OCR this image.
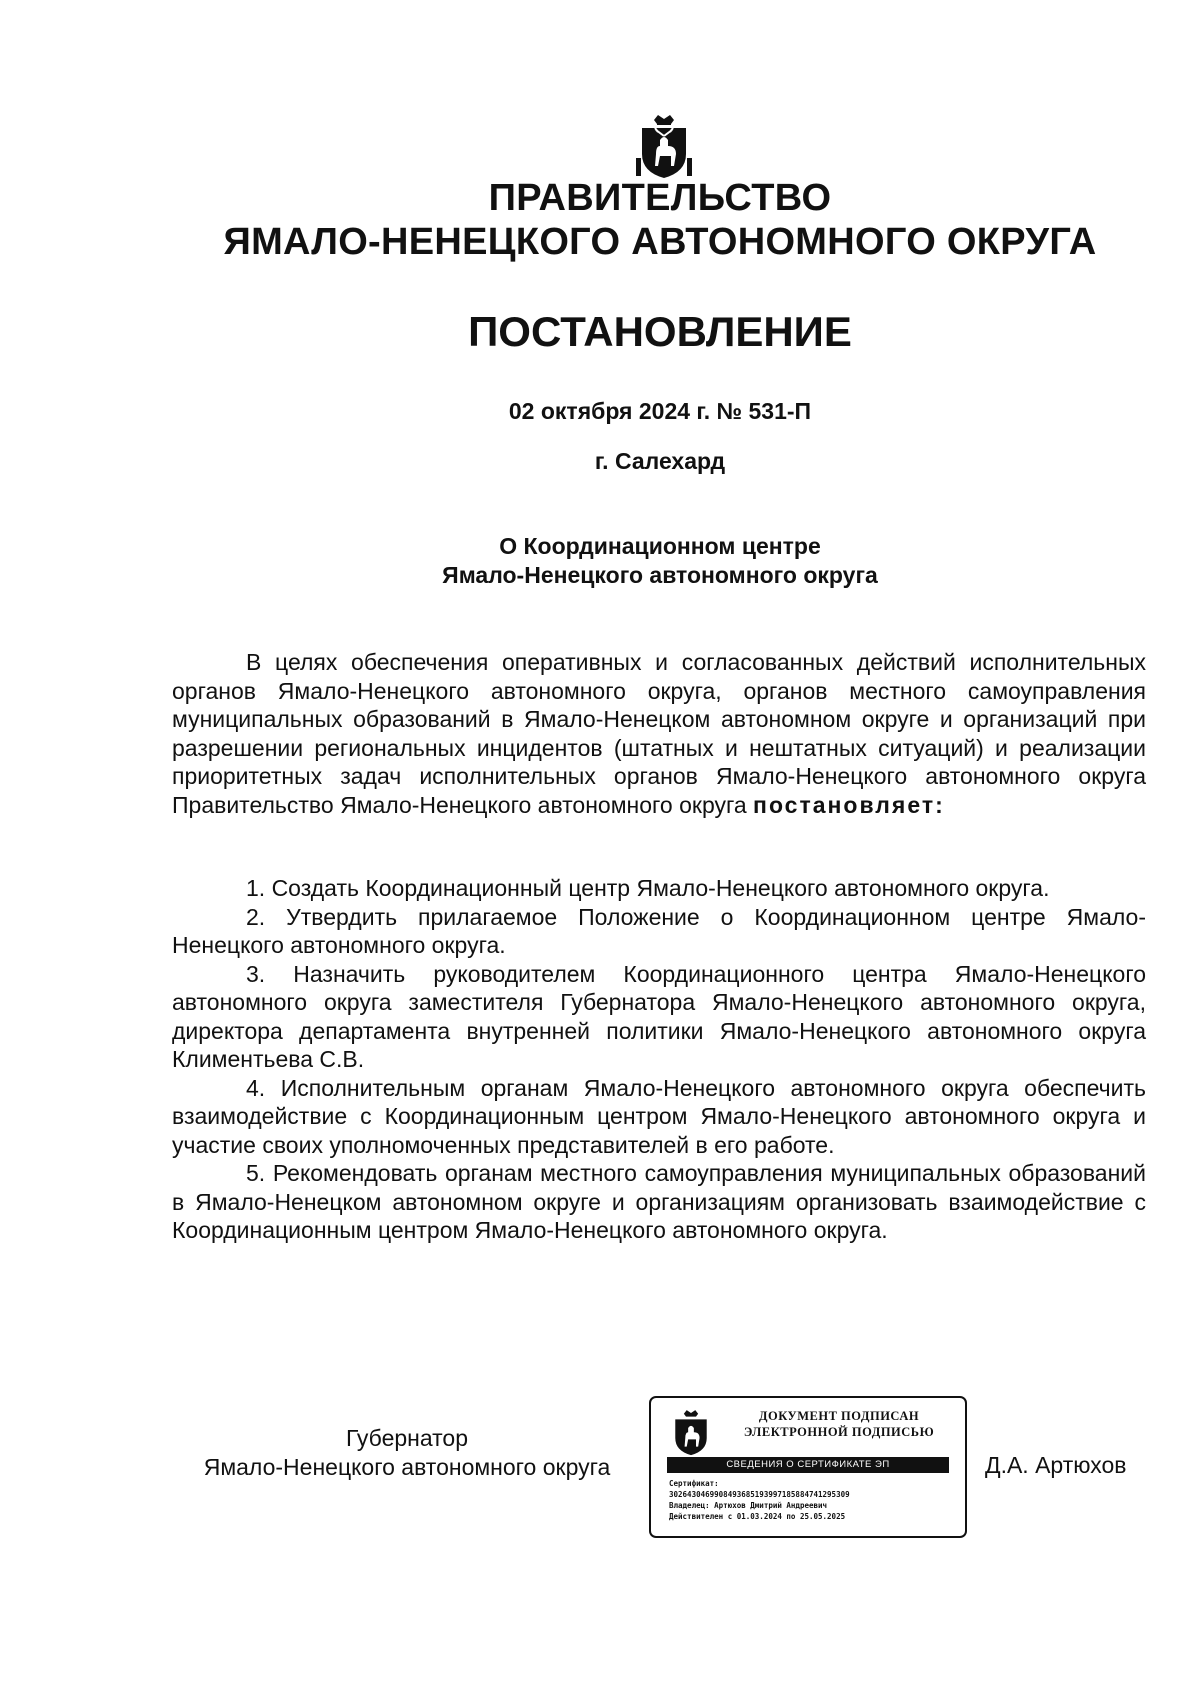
ПРАВИТЕЛЬСТВО
ЯМАЛО-НЕНЕЦКОГО АВТОНОМНОГО ОКРУГА
ПОСТАНОВЛЕНИЕ
02 октября 2024 г. № 531-П
г. Салехард
О Координационном центре
Ямало-Ненецкого автономного округа

В целях обеспечения оперативных и согласованных действий исполнительных органов Ямало-Ненецкого автономного округа, органов местного самоуправления муниципальных образований в Ямало-Ненецком автономном округе и организаций при разрешении региональных инцидентов (штатных и нештатных ситуаций) и реализации приоритетных задач исполнительных органов Ямало-Ненецкого автономного округа Правительство Ямало-Ненецкого автономного округа постановляет:

1. Создать Координационный центр Ямало-Ненецкого автономного округа.

2. Утвердить прилагаемое Положение о Координационном центре Ямало-Ненецкого автономного округа.

3. Назначить руководителем Координационного центра Ямало-Ненецкого автономного округа заместителя Губернатора Ямало-Ненецкого автономного округа, директора департамента внутренней политики Ямало-Ненецкого автономного округа Климентьева С.В.

4. Исполнительным органам Ямало-Ненецкого автономного округа обеспечить взаимодействие с Координационным центром Ямало-Ненецкого автономного округа и участие своих уполномоченных представителей в его работе.

5. Рекомендовать органам местного самоуправления муниципальных образований в Ямало-Ненецком автономном округе и организациям организовать взаимодействие с Координационным центром Ямало-Ненецкого автономного округа.

Губернатор
Ямало-Ненецкого автономного округа
ДОКУМЕНТ ПОДПИСАН
ЭЛЕКТРОННОЙ ПОДПИСЬЮ
СВЕДЕНИЯ О СЕРТИФИКАТЕ ЭП
Сертификат:
3026430469908493685193997185884741295309
Владелец: Артюхов Дмитрий Андреевич
Действителен с 01.03.2024 по 25.05.2025
Д.А. Артюхов
